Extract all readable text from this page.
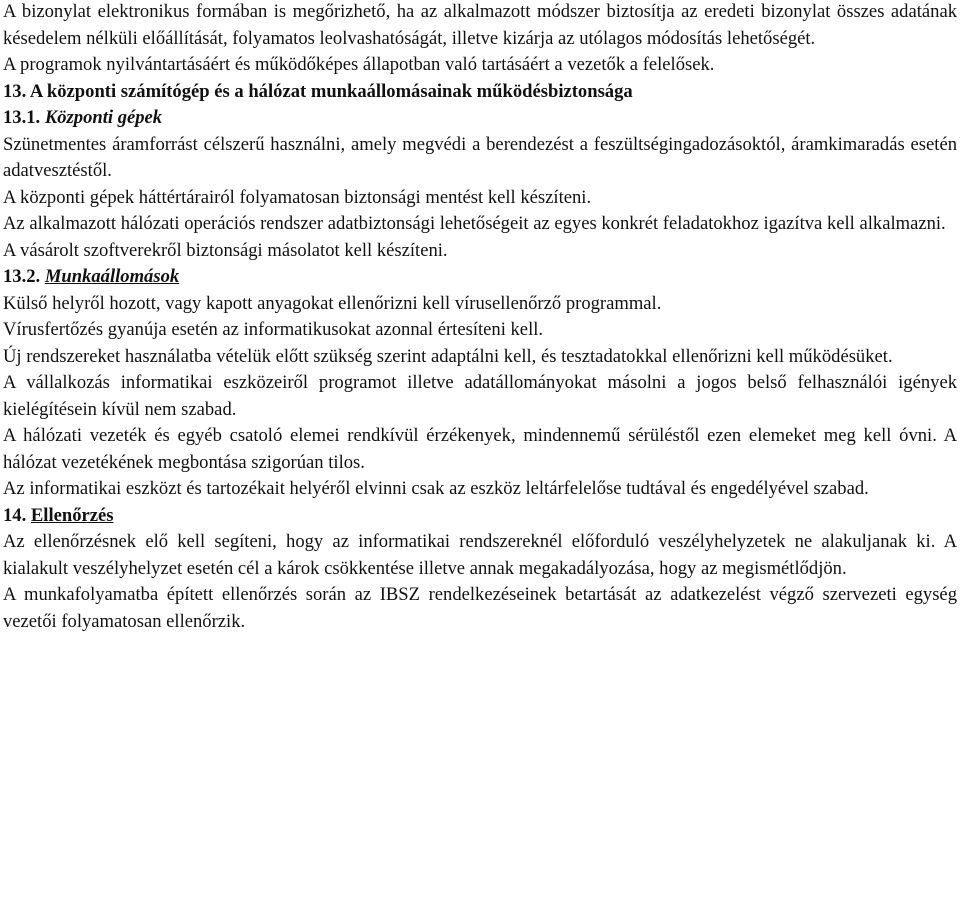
A bizonylat elektronikus formában is megőrizhető, ha az alkalmazott módszer biztosítja az eredeti bizonylat összes adatának késedelem nélküli előállítását, folyamatos leolvashatóságát, illetve kizárja az utólagos módosítás lehetőségét.

A programok nyilvántartásáért és működőképes állapotban való tartásáért a vezetők a felelősek.

13. A központi számítógép és a hálózat munkaállomásainak működésbiztonsága

13.1. Központi gépek

Szünetmentes áramforrást célszerű használni, amely megvédi a berendezést a feszültségingadozásoktól, áramkimaradás esetén adatvesztéstől.

A központi gépek háttértárairól folyamatosan biztonsági mentést kell készíteni.

Az alkalmazott hálózati operációs rendszer adatbiztonsági lehetőségeit az egyes konkrét feladatokhoz igazítva kell alkalmazni.

A vásárolt szoftverekről biztonsági másolatot kell készíteni.

13.2. Munkaállomások

Külső helyről hozott, vagy kapott anyagokat ellenőrizni kell vírusellenőrző programmal.

Vírusfertőzés gyanúja esetén az informatikusokat azonnal értesíteni kell.

Új rendszereket használatba vételük előtt szükség szerint adaptálni kell, és tesztadatokkal ellenőrizni kell működésüket.

A vállalkozás informatikai eszközeiről programot illetve adatállományokat másolni a jogos belső felhasználói igények kielégítésein kívül nem szabad.

A hálózati vezeték és egyéb csatoló elemei rendkívül érzékenyek, mindennemű sérüléstől ezen elemeket meg kell óvni. A hálózat vezetékének megbontása szigorúan tilos.

Az informatikai eszközt és tartozékait helyéről elvinni csak az eszköz leltárfelelőse tudtával és engedélyével szabad.

14. Ellenőrzés

Az ellenőrzésnek elő kell segíteni, hogy az informatikai rendszereknél előforduló veszélyhelyzetek ne alakuljanak ki. A kialakult veszélyhelyzet esetén cél a károk csökkentése illetve annak megakadályozása, hogy az megismétlődjön.

A munkafolyamatba épített ellenőrzés során az IBSZ rendelkezéseinek betartását az adatkezelést végző szervezeti egység vezetői folyamatosan ellenőrzik.
